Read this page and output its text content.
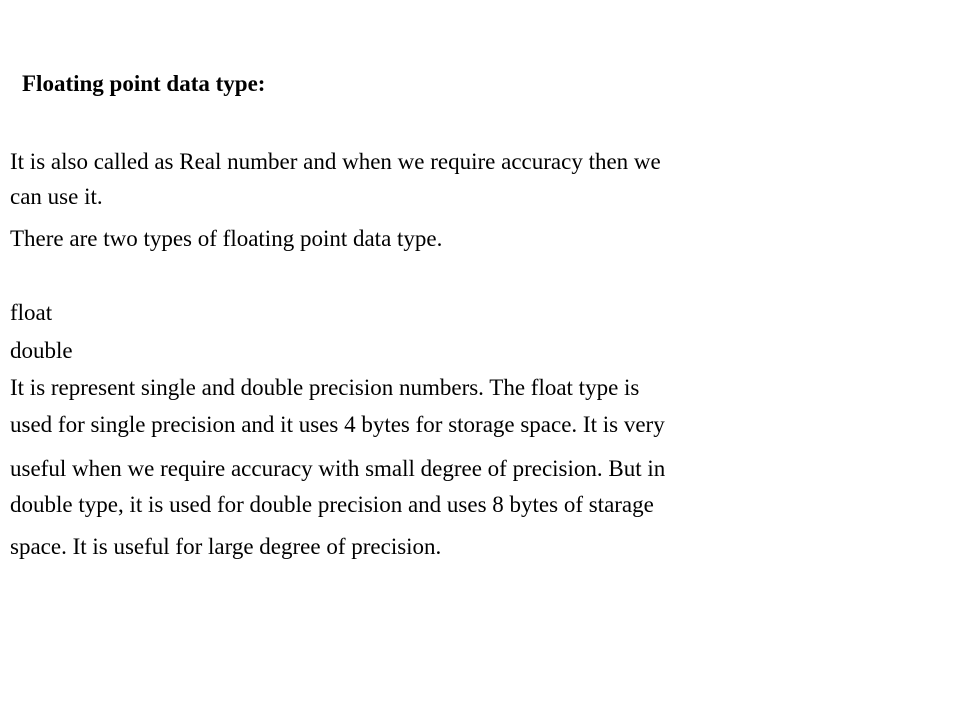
Floating point data type:
It is also called as Real number and when we require accuracy then we
can use it.
There are two types of floating point data type.
float
double
It is represent single and double precision numbers. The float type is
used for single precision and it uses 4 bytes for storage space. It is very
useful when we require accuracy with small degree of precision. But in
double type, it is used for double precision and uses 8 bytes of starage
space. It is useful for large degree of precision.
